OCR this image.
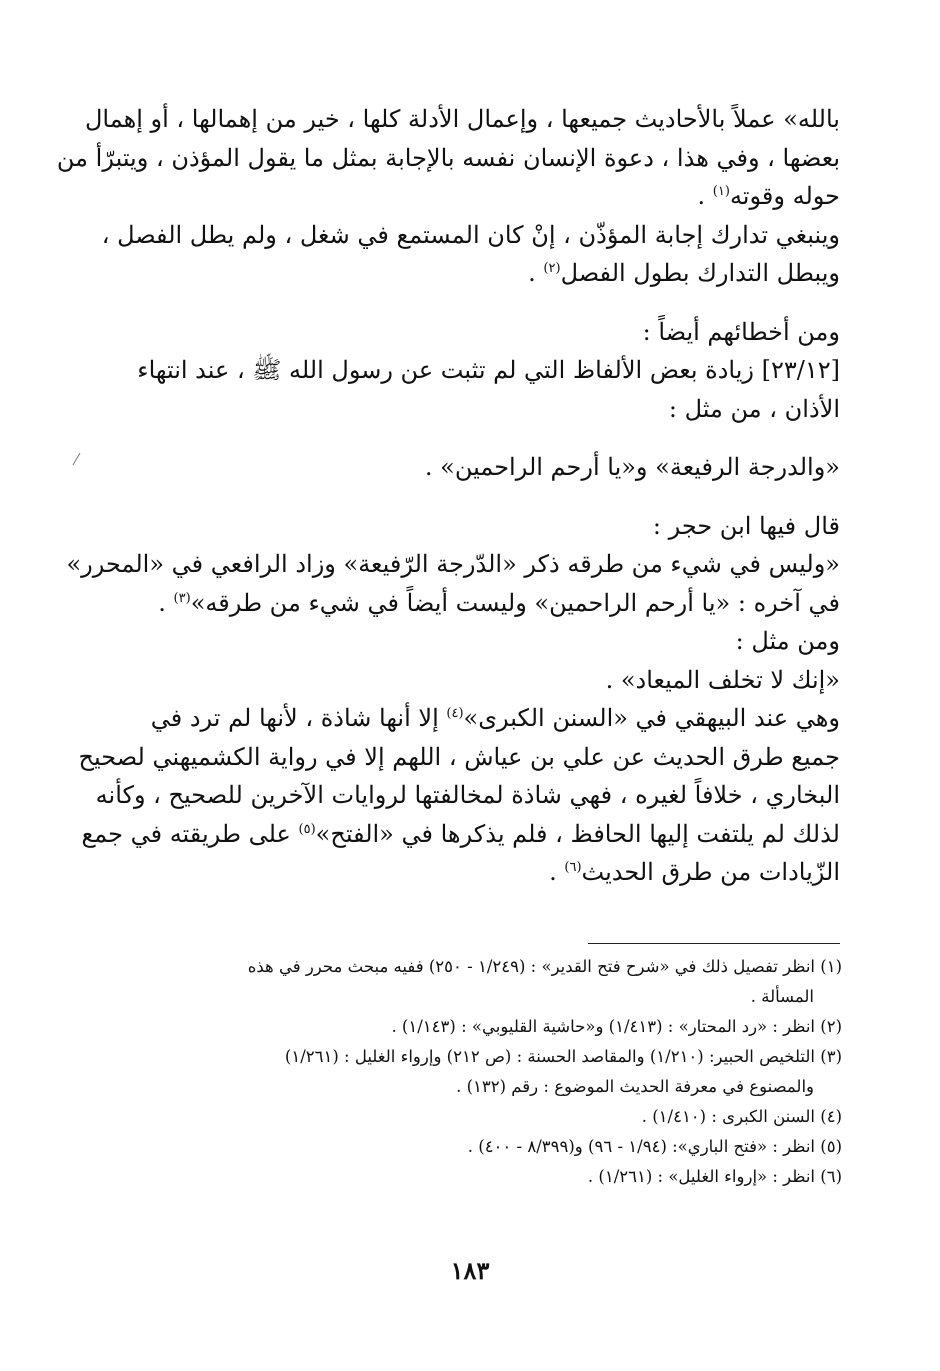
بالله» عملاً بالأحاديث جميعها ، وإعمال الأدلة كلها ، خير من إهمالها ، أو إهمال
بعضها ، وفي هذا ، دعوة الإنسان نفسه بالإجابة بمثل ما يقول المؤذن ، ويتبرّأ من
حوله وقوته$^{(١)}$ .
وينبغي تدارك إجابة المؤذّن ، إنْ كان المستمع في شغل ، ولم يطل الفصل ،
ويبطل التدارك بطول الفصل$^{(٢)}$ .
ومن أخطائهم أيضاً :
[٢٣/١٢] زيادة بعض الألفاظ التي لم تثبت عن رسول الله ﷺ ، عند انتهاء
الأذان ، من مثل :
«والدرجة الرفيعة» و«يا أرحم الراحمين» .
قال فيها ابن حجر :
«وليس في شيء من طرقه ذكر «الدّرجة الرّفيعة» وزاد الرافعي في «المحرر»
في آخره : «يا أرحم الراحمين» وليست أيضاً في شيء من طرقه»$^{(٣)}$ .
ومن مثل :
«إنك لا تخلف الميعاد» .
وهي عند البيهقي في «السنن الكبرى»$^{(٤)}$ إلا أنها شاذة ، لأنها لم ترد في
جميع طرق الحديث عن علي بن عياش ، اللهم إلا في رواية الكشميهني لصحيح
البخاري ، خلافاً لغيره ، فهي شاذة لمخالفتها لروايات الآخرين للصحيح ، وكأنه
لذلك لم يلتفت إليها الحافظ ، فلم يذكرها في «الفتح»$^{(٥)}$ على طريقته في جمع
الزّيادات من طرق الحديث$^{(٦)}$ .
(١) انظر تفصيل ذلك في «شرح فتح القدير» : (١/٢٤٩ - ٢٥٠) ففيه مبحث محرر في هذه
المسألة .
(٢) انظر : «رد المحتار» : (١/٤١٣) و«حاشية القليوبي» : (١/١٤٣) .
(٣) التلخيص الحبير: (١/٢١٠) والمقاصد الحسنة : (ص ٢١٢) وإرواء الغليل : (١/٢٦١)
والمصنوع في معرفة الحديث الموضوع : رقم (١٣٢) .
(٤) السنن الكبرى : (١/٤١٠) .
(٥) انظر : «فتح الباري»: (١/٩٤ - ٩٦) و(٨/٣٩٩ - ٤٠٠) .
(٦) انظر : «إرواء الغليل» : (١/٢٦١) .
١٨٣
